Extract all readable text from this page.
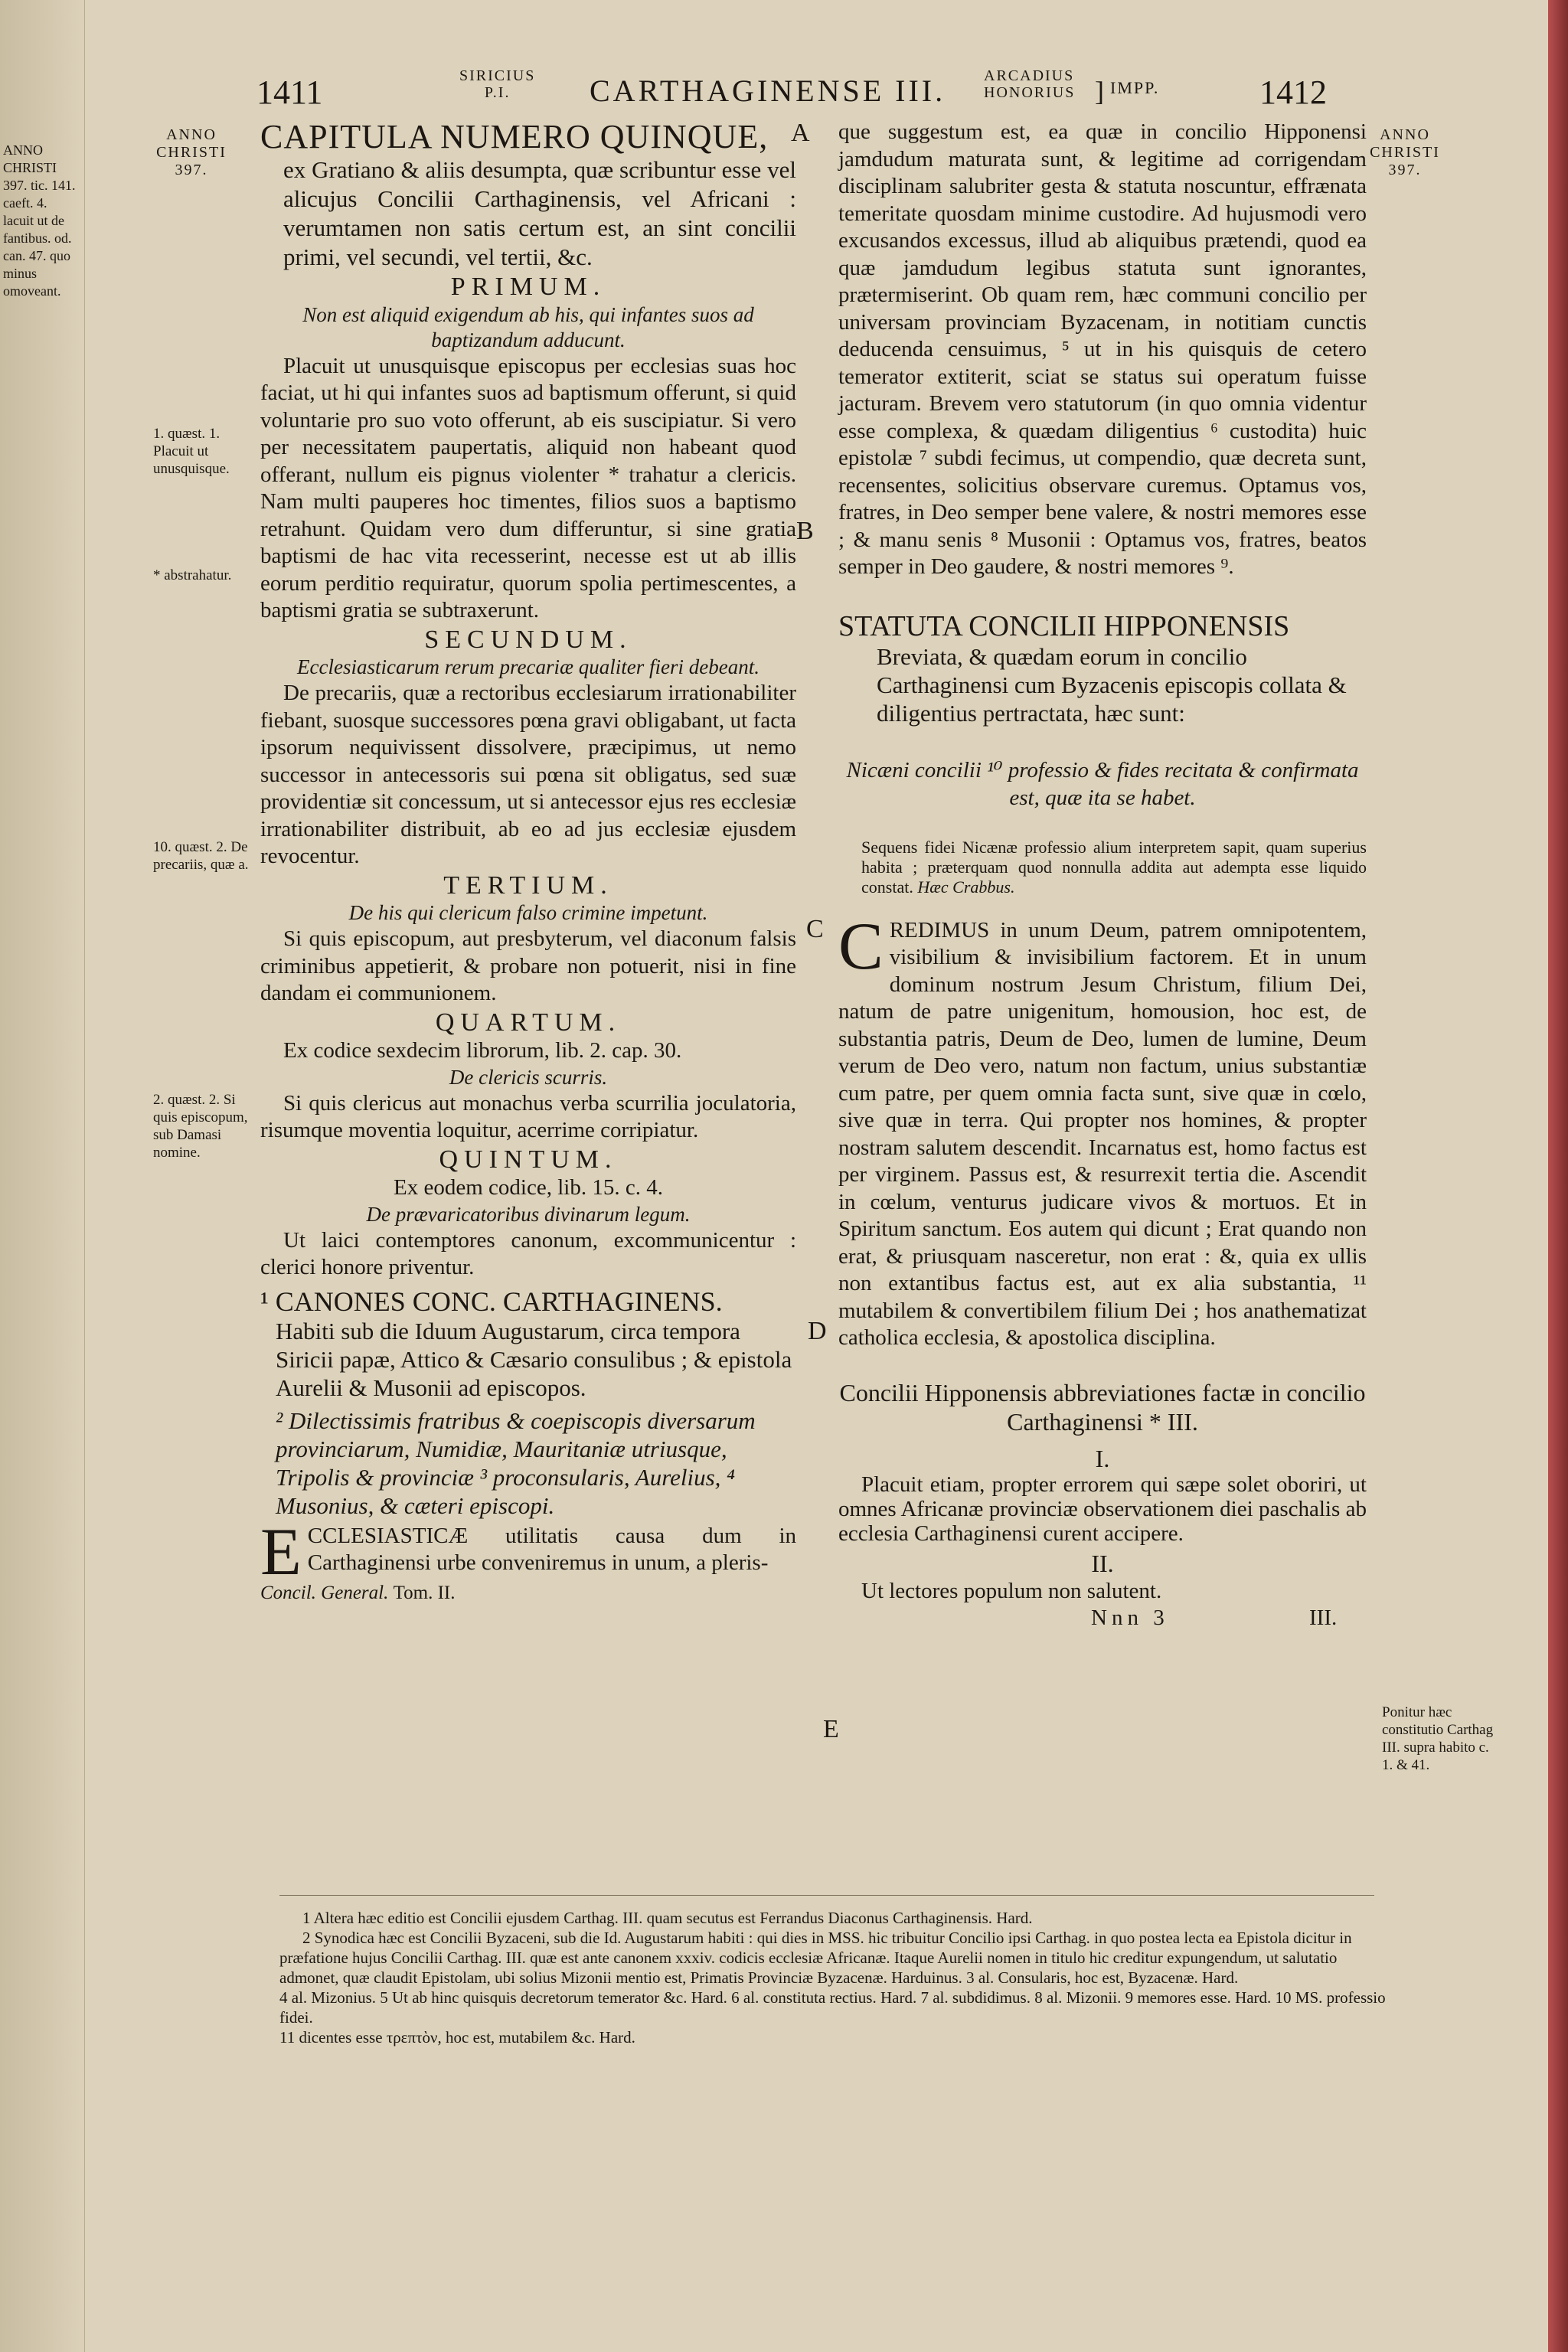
ANNO CHRISTI 397. tic. 141. caeft. 4. lacuit ut de fantibus. od. can. 47. quo minus omoveant.
1411	SIRICIUS
P.I.	CARTHAGINENSE III. ARCADIUS
HONORIUS ] IMPP.	1412
ANNO
CHRISTI
397.
ANNO
CHRISTI
397.
1. quæst. 1. Placuit ut unusquisque.
* abstrahatur.
10. quæst. 2. De precariis, quæ a.
2. quæst. 2. Si quis episcopum, sub Damasi nomine.
Ponitur hæc constitutio Carthag III. supra habito c. 1. & 41.
A
B
C
D
E
CAPITULA NUMERO QUINQUE,

ex Gratiano & aliis desumpta, quæ scribuntur esse vel alicujus Concilii Carthaginensis, vel Africani : verumtamen non satis certum est, an sint concilii primi, vel secundi, vel tertii, &c.

PRIMUM.

Non est aliquid exigendum ab his, qui infantes suos ad baptizandum adducunt.

Placuit ut unusquisque episcopus per ecclesias suas hoc faciat, ut hi qui infantes suos ad baptismum offerunt, si quid voluntarie pro suo voto offerunt, ab eis suscipiatur. Si vero per necessitatem paupertatis, aliquid non habeant quod offerant, nullum eis pignus violenter * trahatur a clericis. Nam multi pauperes hoc timentes, filios suos a baptismo retrahunt. Quidam vero dum differuntur, si sine gratia baptismi de hac vita recesserint, necesse est ut ab illis eorum perditio requiratur, quorum spolia pertimescentes, a baptismi gratia se subtraxerunt.

SECUNDUM.

Ecclesiasticarum rerum precariæ qualiter fieri debeant.

De precariis, quæ a rectoribus ecclesiarum irrationabiliter fiebant, suosque successores pœna gravi obligabant, ut facta ipsorum nequivissent dissolvere, præcipimus, ut nemo successor in antecessoris sui pœna sit obligatus, sed suæ providentiæ sit concessum, ut si antecessor ejus res ecclesiæ irrationabiliter distribuit, ab eo ad jus ecclesiæ ejusdem revocentur.

TERTIUM.

De his qui clericum falso crimine impetunt.

Si quis episcopum, aut presbyterum, vel diaconum falsis criminibus appetierit, & probare non potuerit, nisi in fine dandam ei communionem.

QUARTUM.

Ex codice sexdecim librorum, lib. 2. cap. 30.

De clericis scurris.

Si quis clericus aut monachus verba scurrilia joculatoria, risumque moventia loquitur, acerrime corripiatur.

QUINTUM.

Ex eodem codice, lib. 15. c. 4.

De prævaricatoribus divinarum legum.

Ut laici contemptores canonum, excommunicentur : clerici honore priventur.

¹ CANONES CONC. CARTHAGINENS.

Habiti sub die Iduum Augustarum, circa tempora Siricii papæ, Attico & Cæsario consulibus ; & epistola Aurelii & Musonii ad episcopos.

² Dilectissimis fratribus & coepiscopis diversarum provinciarum, Numidiæ, Mauritaniæ utriusque, Tripolis & provinciæ ³ proconsularis, Aurelius, ⁴ Musonius, & cæteri episcopi.

ECCLESIASTICÆ utilitatis causa dum in Carthaginensi urbe conveniremus in unum, a pleris-

Concil. General. Tom. II.

que suggestum est, ea quæ in concilio Hipponensi jamdudum maturata sunt, & legitime ad corrigendam disciplinam salubriter gesta & statuta noscuntur, effrænata temeritate quosdam minime custodire. Ad hujusmodi vero excusandos excessus, illud ab aliquibus prætendi, quod ea quæ jamdudum legibus statuta sunt ignorantes, prætermiserint. Ob quam rem, hæc communi concilio per universam provinciam Byzacenam, in notitiam cunctis deducenda censuimus, ⁵ ut in his quisquis de cetero temerator extiterit, sciat se status sui operatum fuisse jacturam. Brevem vero statutorum (in quo omnia videntur esse complexa, & quædam diligentius ⁶ custodita) huic epistolæ ⁷ subdi fecimus, ut compendio, quæ decreta sunt, recensentes, solicitius observare curemus. Optamus vos, fratres, in Deo semper bene valere, & nostri memores esse ; & manu senis ⁸ Musonii : Optamus vos, fratres, beatos semper in Deo gaudere, & nostri memores ⁹.

STATUTA CONCILII HIPPONENSIS

Breviata, & quædam eorum in concilio Carthaginensi cum Byzacenis episcopis collata & diligentius pertractata, hæc sunt:

Nicæni concilii ¹⁰ professio & fides recitata & confirmata est, quæ ita se habet.

Sequens fidei Nicænæ professio alium interpretem sapit, quam superius habita ; præterquam quod nonnulla addita aut adempta esse liquido constat. Hæc Crabbus.

CREDIMUS in unum Deum, patrem omnipotentem, visibilium & invisibilium factorem. Et in unum dominum nostrum Jesum Christum, filium Dei, natum de patre unigenitum, homousion, hoc est, de substantia patris, Deum de Deo, lumen de lumine, Deum verum de Deo vero, natum non factum, unius substantiæ cum patre, per quem omnia facta sunt, sive quæ in cœlo, sive quæ in terra. Qui propter nos homines, & propter nostram salutem descendit. Incarnatus est, homo factus est per virginem. Passus est, & resurrexit tertia die. Ascendit in cœlum, venturus judicare vivos & mortuos. Et in Spiritum sanctum. Eos autem qui dicunt ; Erat quando non erat, & priusquam nasceretur, non erat : &, quia ex ullis non extantibus factus est, aut ex alia substantia, ¹¹ mutabilem & convertibilem filium Dei ; hos anathematizat catholica ecclesia, & apostolica disciplina.

Concilii Hipponensis abbreviationes factæ in concilio Carthaginensi * III.
I.

Placuit etiam, propter errorem qui sæpe solet oboriri, ut omnes Africanæ provinciæ observationem diei paschalis ab ecclesia Carthaginensi curent accipere.

II.

Ut lectores populum non salutent.

Nnn 3	III.

1 Altera hæc editio est Concilii ejusdem Carthag. III. quam secutus est Ferrandus Diaconus Carthaginensis. Hard.

2 Synodica hæc est Concilii Byzaceni, sub die Id. Augustarum habiti : qui dies in MSS. hic tribuitur Concilio ipsi Carthag. in quo postea lecta ea Epistola dicitur in præfatione hujus Concilii Carthag. III. quæ est ante canonem xxxiv. codicis ecclesiæ Africanæ. Itaque Aurelii nomen in titulo hic creditur expungendum, ut salutatio admonet, quæ claudit Epistolam, ubi solius Mizonii mentio est, Primatis Provinciæ Byzacenæ. Harduinus. 3 al. Consularis, hoc est, Byzacenæ. Hard.

4 al. Mizonius. 5 Ut ab hinc quisquis decretorum temerator &c. Hard. 6 al. constituta rectius. Hard. 7 al. subdidimus. 8 al. Mizonii. 9 memores esse. Hard. 10 MS. professio fidei.

11 dicentes esse τρεπτὸν, hoc est, mutabilem &c. Hard.
